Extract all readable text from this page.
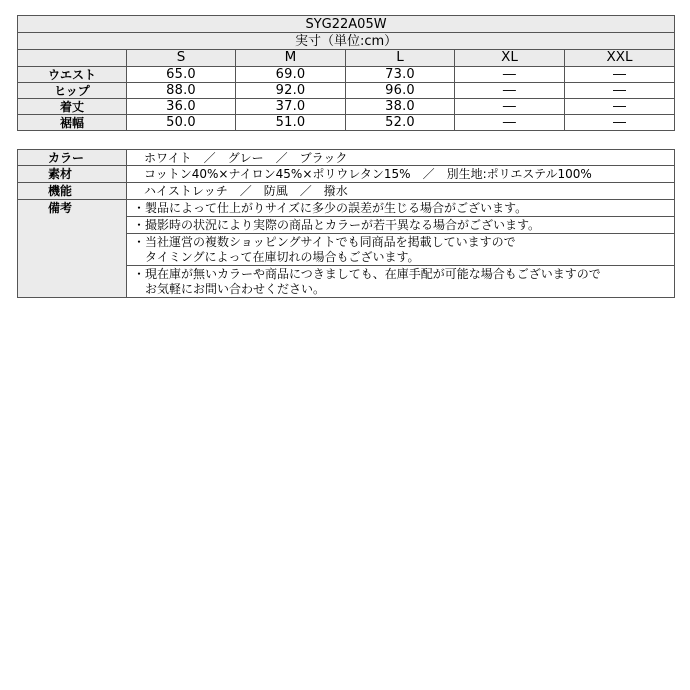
SYG22A05W					
実寸（単位:cm）					
	S	M	L	XL	XXL
ウエスト	65.0	69.0	73.0	―	―
ヒップ	88.0	92.0	96.0	―	―
着丈	36.0	37.0	38.0	―	―
裾幅	50.0	51.0	52.0	―	―
カラー	ホワイト　／　グレー　／　ブラック
素材	コットン40%×ナイロン45%×ポリウレタン15%　／　別生地:ポリエステル100%
機能	ハイストレッチ　／　防風　／　撥水
備考	・製品によって仕上がりサイズに多少の誤差が生じる場合がございます。

	・撮影時の状況により実際の商品とカラーが若干異なる場合がございます。

	・当社運営の複数ショッピングサイトでも同商品を掲載していますので
　タイミングによって在庫切れの場合もございます。

	・現在庫が無いカラーや商品につきましても、在庫手配が可能な場合もございますので
　お気軽にお問い合わせください。
